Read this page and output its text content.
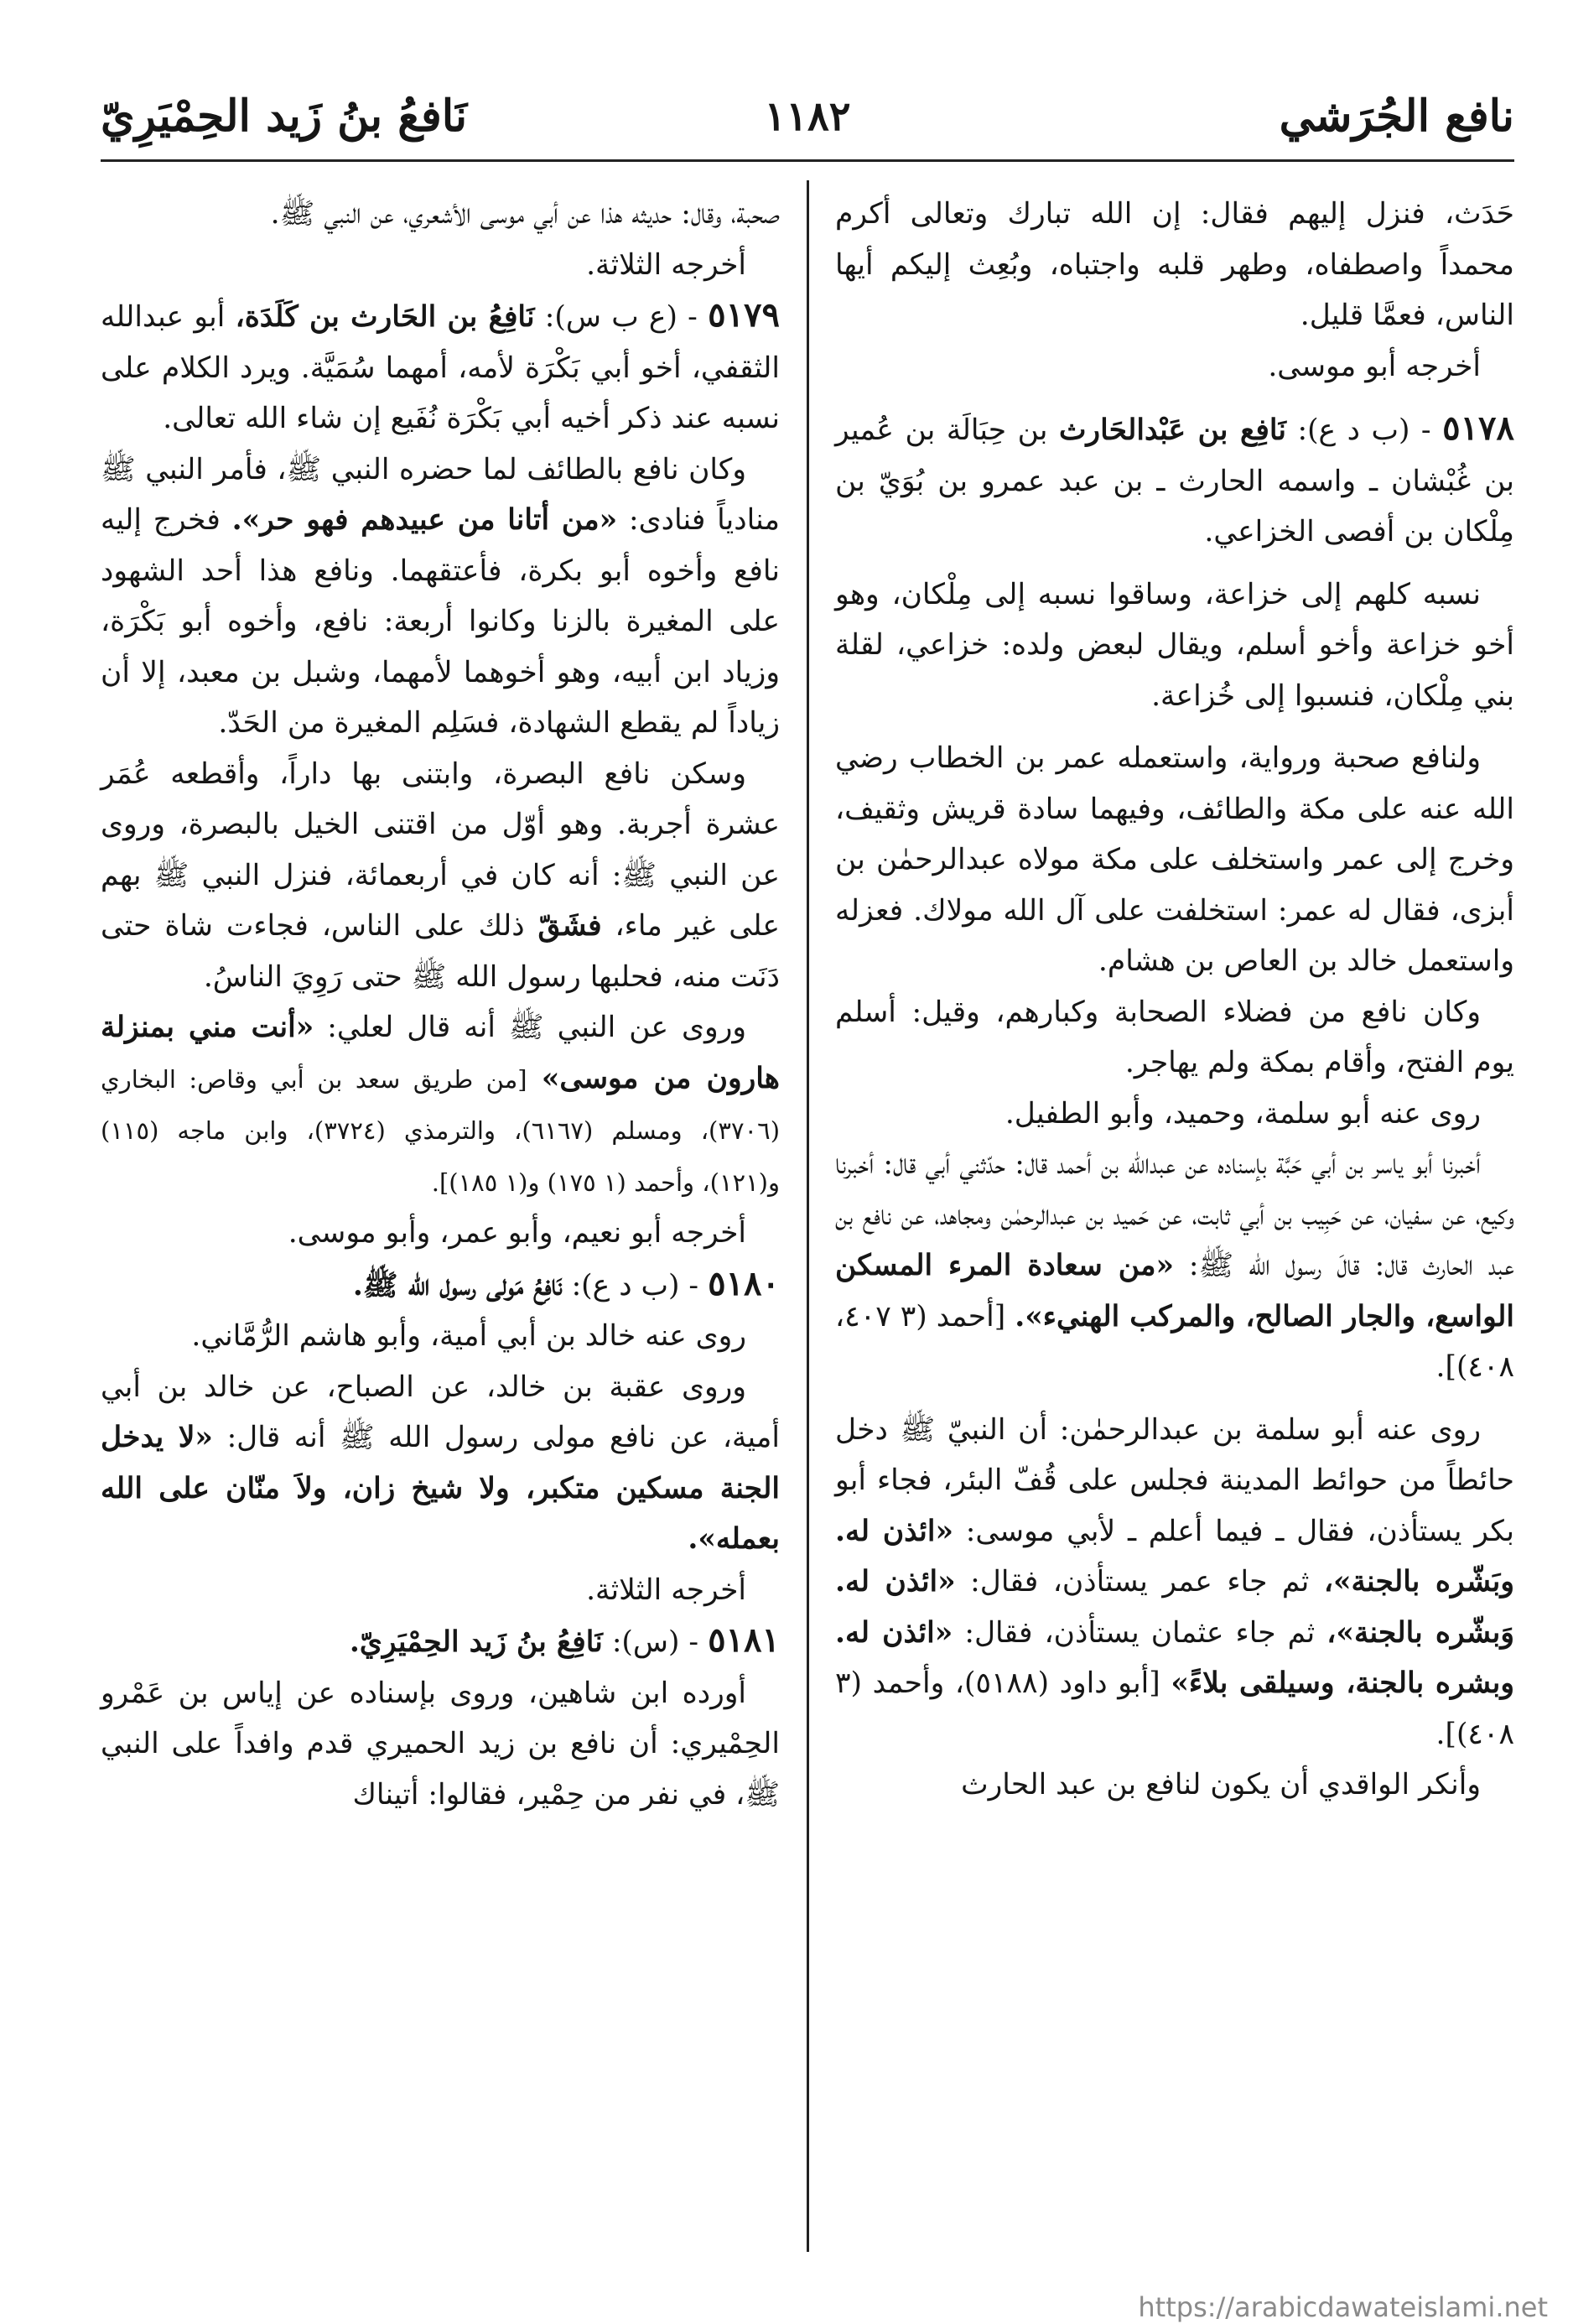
نافع الجُرَشي
١١٨٢
نَافعُ بنُ زَيد الحِمْيَرِيّ

حَدَث، فنزل إليهم فقال: إن الله تبارك وتعالى أكرم محمداً واصطفاه، وطهر قلبه واجتباه، وبُعِث إليكم أيها الناس، فعمَّا قليل.

أخرجه أبو موسى.

٥١٧٨ - (ب د ع): نَافِع بن عَبْدالحَارث بن حِبَالَة بن عُمير بن غُبْشان ـ واسمه الحارث ـ بن عبد عمرو بن بُوَيّ بن مِلْكان بن أفصى الخزاعي.

نسبه كلهم إلى خزاعة، وساقوا نسبه إلى مِلْكان، وهو أخو خزاعة وأخو أسلم، ويقال لبعض ولده: خزاعي، لقلة بني مِلْكان، فنسبوا إلى خُزاعة.

ولنافع صحبة ورواية، واستعمله عمر بن الخطاب رضي الله عنه على مكة والطائف، وفيهما سادة قريش وثقيف، وخرج إلى عمر واستخلف على مكة مولاه عبدالرحمٰن بن أبزى، فقال له عمر: استخلفت على آل الله مولاك. فعزله واستعمل خالد بن العاص بن هشام.

وكان نافع من فضلاء الصحابة وكبارهم، وقيل: أسلم يوم الفتح، وأقام بمكة ولم يهاجر.

روى عنه أبو سلمة، وحميد، وأبو الطفيل.

أخبرنا أبو ياسر بن أبي حَبَّة بإسناده عن عبدالله بن أحمد قال: حدّثني أبي قال: أخبرنا وكيع، عن سفيان، عن حَبِيب بن أبي ثابت، عن حَميد بن عبدالرحمٰن ومجاهد، عن نافع بن عبد الحارث قال: قالَ رسول الله ﷺ: «من سعادة المرء المسكن الواسع، والجار الصالح، والمركب الهنيء». [أحمد (٣ ٤٠٧، ٤٠٨)].

روى عنه أبو سلمة بن عبدالرحمٰن: أن النبيّ ﷺ دخل حائطاً من حوائط المدينة فجلس على قُفّ البئر، فجاء أبو بكر يستأذن، فقال ـ فيما أعلم ـ لأبي موسى: «ائذن له. وبَشّره بالجنة»، ثم جاء عمر يستأذن، فقال: «ائذن له. وَبشّره بالجنة»، ثم جاء عثمان يستأذن، فقال: «ائذن له. وبشره بالجنة، وسيلقى بلاءً» [أبو داود (٥١٨٨)، وأحمد (٣ ٤٠٨)].

وأنكر الواقدي أن يكون لنافع بن عبد الحارث

صحبة، وقال: حديثه هذا عن أبي موسى الأشعري، عن النبي ﷺ.

أخرجه الثلاثة.

٥١٧٩ - (ع ب س): نَافِعُ بن الحَارث بن كَلَدَة، أبو عبدالله الثقفي، أخو أبي بَكْرَة لأمه، أمهما سُمَيَّة. ويرد الكلام على نسبه عند ذكر أخيه أبي بَكْرَة نُفَيع إن شاء الله تعالى.

وكان نافع بالطائف لما حضره النبي ﷺ، فأمر النبي ﷺ منادياً فنادى: «من أتانا من عبيدهم فهو حر». فخرج إليه نافع وأخوه أبو بكرة، فأعتقهما. ونافع هذا أحد الشهود على المغيرة بالزنا وكانوا أربعة: نافع، وأخوه أبو بَكْرَة، وزياد ابن أبيه، وهو أخوهما لأمهما، وشبل بن معبد، إلا أن زياداً لم يقطع الشهادة، فسَلِم المغيرة من الحَدّ.

وسكن نافع البصرة، وابتنى بها داراً، وأقطعه عُمَر عشرة أجربة. وهو أوّل من اقتنى الخيل بالبصرة، وروى عن النبي ﷺ: أنه كان في أربعمائة، فنزل النبي ﷺ بهم على غير ماء، فشَقّ ذلك على الناس، فجاءت شاة حتى دَنَت منه، فحلبها رسول الله ﷺ حتى رَوِيَ الناسُ.

وروى عن النبي ﷺ أنه قال لعلي: «أنت مني بمنزلة هارون من موسى» [من طريق سعد بن أبي وقاص: البخاري (٣٧٠٦)، ومسلم (٦١٦٧)، والترمذي (٣٧٢٤)، وابن ماجه (١١٥) و(١٢١)، وأحمد (١ ١٧٥) و(١ ١٨٥)].

أخرجه أبو نعيم، وأبو عمر، وأبو موسى.

٥١٨٠ - (ب د ع): نَافِعُ مَولى رسول الله ﷺ.

روى عنه خالد بن أبي أمية، وأبو هاشم الرُّمَّاني.

وروى عقبة بن خالد، عن الصباح، عن خالد بن أبي أمية، عن نافع مولى رسول الله ﷺ أنه قال: «لا يدخل الجنة مسكين متكبر، ولا شيخ زان، ولاَ منّان على الله بعمله».

أخرجه الثلاثة.

٥١٨١ - (س): نَافِعُ بنُ زَيد الحِمْيَرِيّ.

أورده ابن شاهين، وروى بإسناده عن إياس بن عَمْرو الحِمْيري: أن نافع بن زيد الحميري قدم وافداً على النبي ﷺ، في نفر من حِمْير، فقالوا: أتيناك

https://arabicdawateislami.net
